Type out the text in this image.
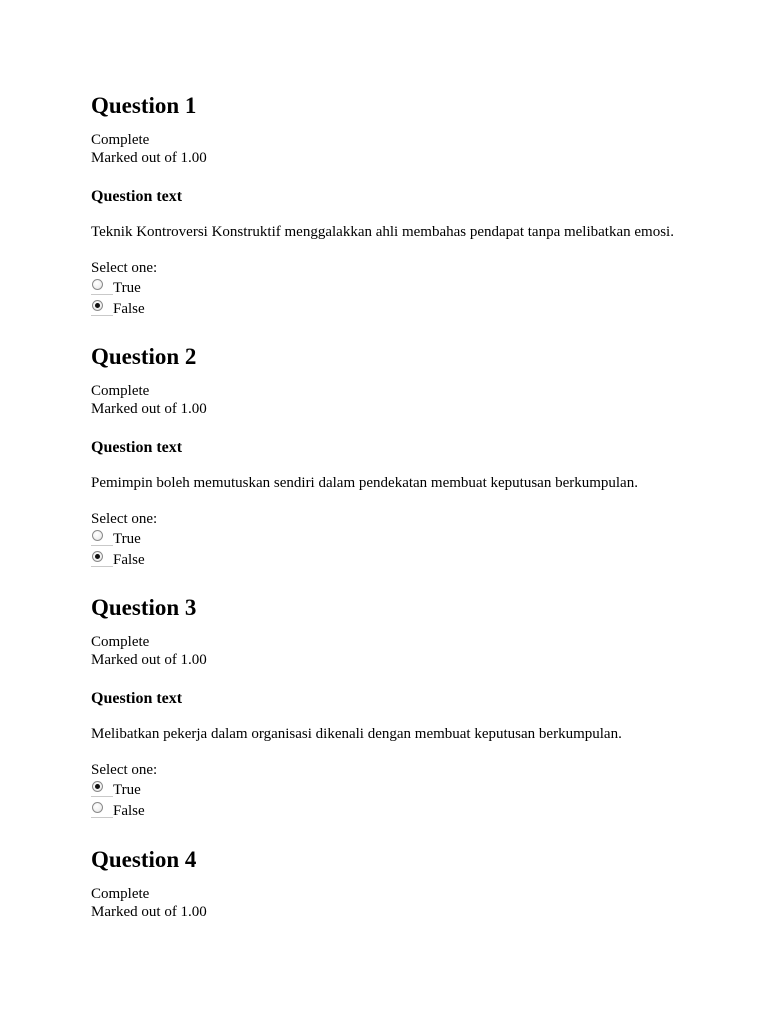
Question 1
Complete
Marked out of 1.00
Question text
Teknik Kontroversi Konstruktif menggalakkan ahli membahas pendapat tanpa melibatkan emosi.
Select one:
True
False
Question 2
Complete
Marked out of 1.00
Question text
Pemimpin boleh memutuskan sendiri dalam pendekatan membuat keputusan berkumpulan.
Select one:
True
False
Question 3
Complete
Marked out of 1.00
Question text
Melibatkan pekerja dalam organisasi dikenali dengan membuat keputusan berkumpulan.
Select one:
True
False
Question 4
Complete
Marked out of 1.00
